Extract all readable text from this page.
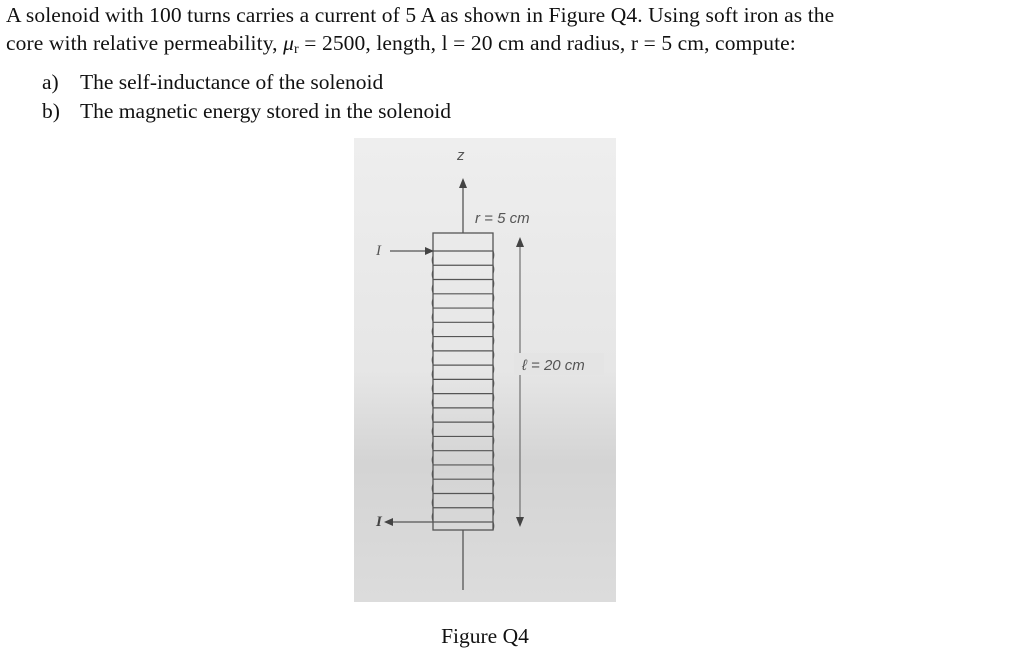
A solenoid with 100 turns carries a current of 5 A as shown in Figure Q4. Using soft iron as the
core with relative permeability, $\mu_r = 2500$, length, l = 20 cm and radius, r = 5 cm, compute:
a) The self-inductance of the solenoid
b) The magnetic energy stored in the solenoid
z
r = 5 cm
I
I
ℓ = 20 cm
Figure Q4
